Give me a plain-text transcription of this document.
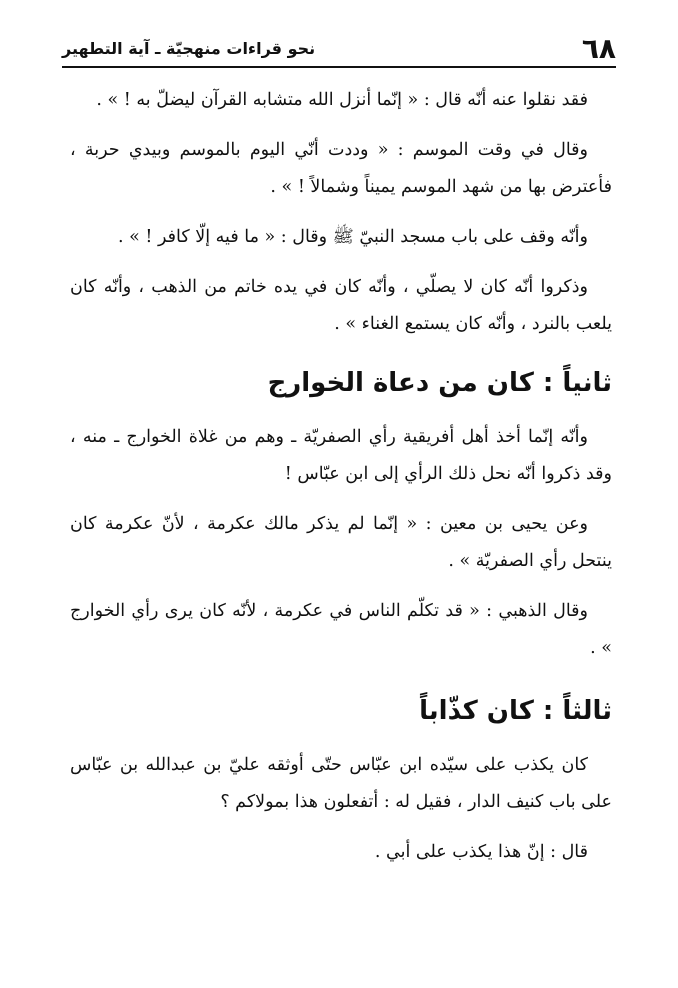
٦٨
نحو قراءات منهجيّة ـ آية التطهير

فقد نقلوا عنه أنّه قال : « إنّما أنزل الله متشابه القرآن ليضلّ به ! » .

وقال في وقت الموسم : « وددت أنّي اليوم بالموسم وبيدي حربة ، فأعترض بها من شهد الموسم يميناً وشمالاً ! » .

وأنّه وقف على باب مسجد النبيّ ﷺ وقال : « ما فيه إلّا كافر ! » .

وذكروا أنّه كان لا يصلّي ، وأنّه كان في يده خاتم من الذهب ، وأنّه كان يلعب بالنرد ، وأنّه كان يستمع الغناء » .

ثانياً : كان من دعاة الخوارج

وأنّه إنّما أخذ أهل أفريقية رأي الصفريّة ـ وهم من غلاة الخوارج ـ منه ، وقد ذكروا أنّه نحل ذلك الرأي إلى ابن عبّاس !

وعن يحيى بن معين : « إنّما لم يذكر مالك عكرمة ، لأنّ عكرمة كان ينتحل رأي الصفريّة » .

وقال الذهبي : « قد تكلّم الناس في عكرمة ، لأنّه كان يرى رأي الخوارج » .

ثالثاً : كان كذّاباً

كان يكذب على سيّده ابن عبّاس حتّى أوثقه عليّ بن عبدالله بن عبّاس على باب كنيف الدار ، فقيل له : أتفعلون هذا بمولاكم ؟

قال : إنّ هذا يكذب على أبي .
